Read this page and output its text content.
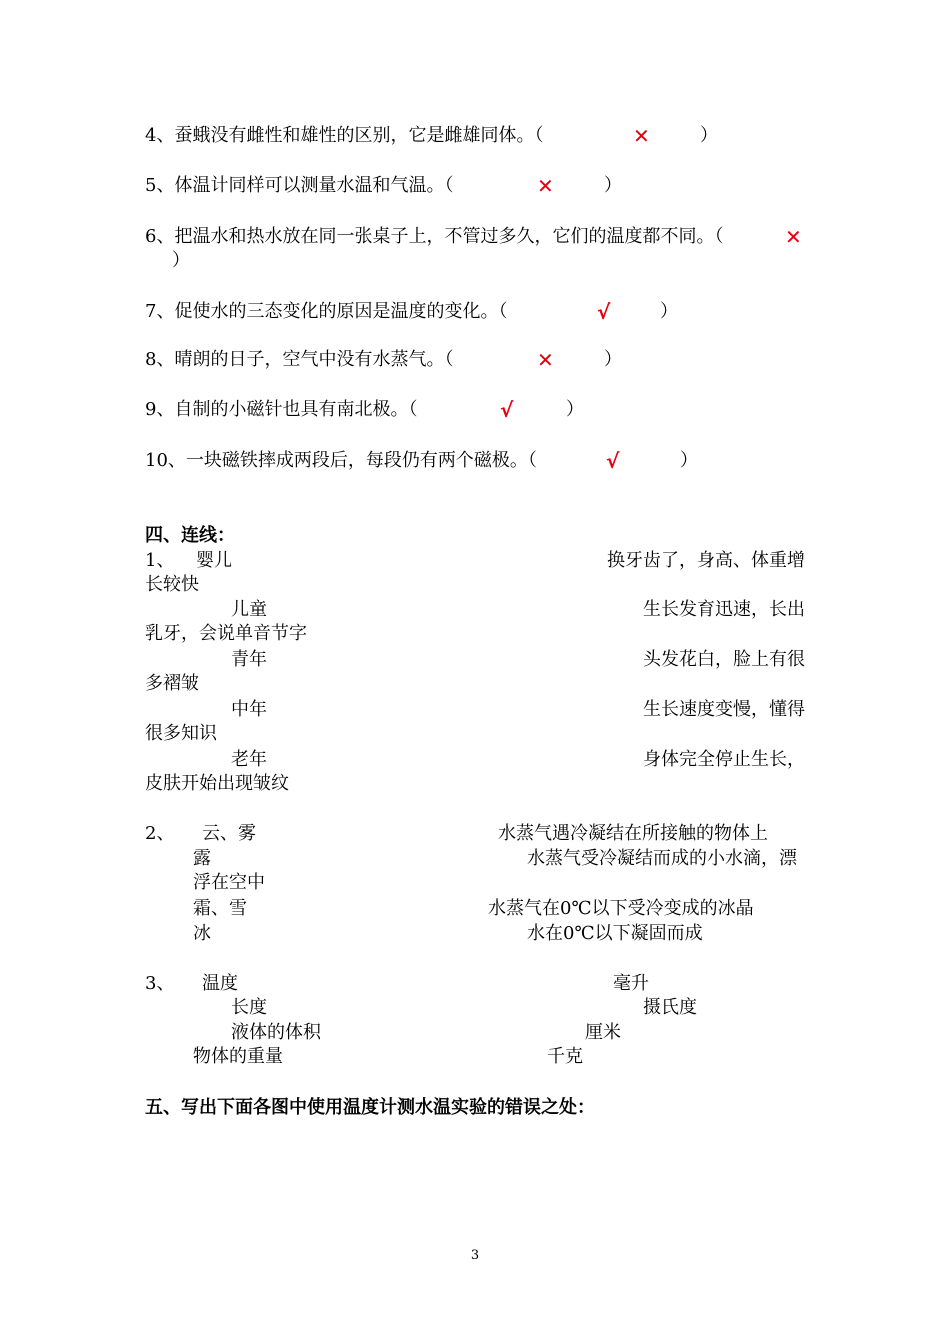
4、蚕蛾没有雌性和雄性的区别，它是雌雄同体。（	✕	）
5、体温计同样可以测量水温和气温。（	✕	）
6、把温水和热水放在同一张桌子上，不管过多久，它们的温度都不同。（	✕
）
7、促使水的三态变化的原因是温度的变化。（	√	）
8、晴朗的日子，空气中没有水蒸气。（	✕	）
9、自制的小磁针也具有南北极。（	√	）
10、一块磁铁摔成两段后，每段仍有两个磁极。（	√	）
四、连线：
1、 婴儿	换牙齿了，身高、体重增
长较快
儿童	生长发育迅速，长出
乳牙，会说单音节字
青年	头发花白，脸上有很
多褶皱
中年	生长速度变慢，懂得
很多知识
老年	身体完全停止生长，
皮肤开始出现皱纹
2、 云、雾	水蒸气遇冷凝结在所接触的物体上
露	水蒸气受冷凝结而成的小水滴，漂
浮在空中
霜、雪	水蒸气在0℃以下受冷变成的冰晶
冰	水在0℃以下凝固而成
3、 温度	毫升
长度	摄氏度
液体的体积	厘米
物体的重量	千克
五、写出下面各图中使用温度计测水温实验的错误之处：
3
